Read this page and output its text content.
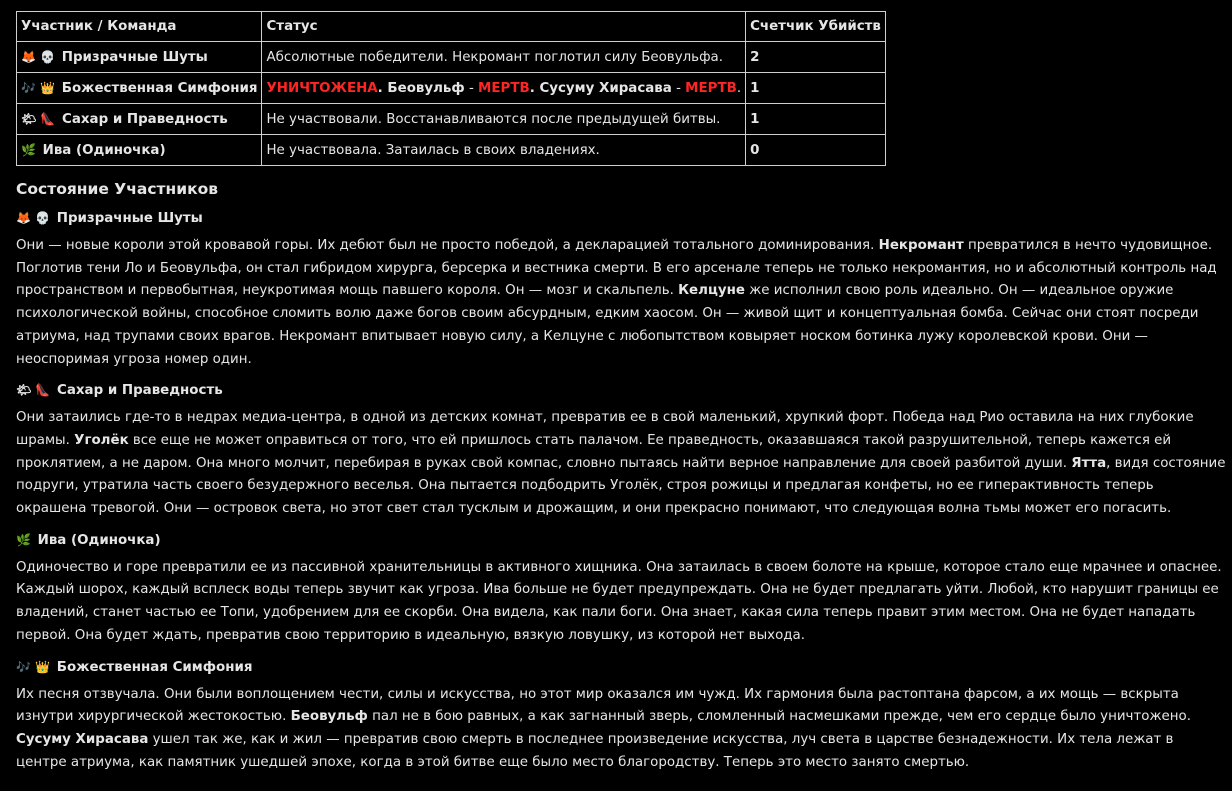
Участник / Команда	Статус	Счетчик Убийств
🦊 💀 Призрачные Шуты	Абсолютные победители. Некромант поглотил силу Беовульфа.	2
🎶 👑 Божественная Симфония	УНИЧТОЖЕНА. Беовульф - МЕРТВ. Сусуму Хирасава - МЕРТВ.	1
🌤 👠 Сахар и Праведность	Не участвовали. Восстанавливаются после предыдущей битвы.	1
🌿 Ива (Одиночка)	Не участвовала. Затаилась в своих владениях.	0
Состояние Участников
🦊 💀 Призрачные Шуты

Они — новые короли этой кровавой горы. Их дебют был не просто победой, а декларацией тотального доминирования. Некромант превратился в нечто чудовищное. Поглотив тени Ло и Беовульфа, он стал гибридом хирурга, берсерка и вестника смерти. В его арсенале теперь не только некромантия, но и абсолютный контроль над пространством и первобытная, неукротимая мощь павшего короля. Он — мозг и скальпель. Келцуне же исполнил свою роль идеально. Он — идеальное оружие психологической войны, способное сломить волю даже богов своим абсурдным, едким хаосом. Он — живой щит и концептуальная бомба. Сейчас они стоят посреди атриума, над трупами своих врагов. Некромант впитывает новую силу, а Келцуне с любопытством ковыряет носком ботинка лужу королевской крови. Они — неоспоримая угроза номер один.

🌤 👠 Сахар и Праведность

Они затаились где-то в недрах медиа-центра, в одной из детских комнат, превратив ее в свой маленький, хрупкий форт. Победа над Рио оставила на них глубокие шрамы. Уголёк все еще не может оправиться от того, что ей пришлось стать палачом. Ее праведность, оказавшаяся такой разрушительной, теперь кажется ей проклятием, а не даром. Она много молчит, перебирая в руках свой компас, словно пытаясь найти верное направление для своей разбитой души. Ятта, видя состояние подруги, утратила часть своего безудержного веселья. Она пытается подбодрить Уголёк, строя рожицы и предлагая конфеты, но ее гиперактивность теперь окрашена тревогой. Они — островок света, но этот свет стал тусклым и дрожащим, и они прекрасно понимают, что следующая волна тьмы может его погасить.

🌿 Ива (Одиночка)

Одиночество и горе превратили ее из пассивной хранительницы в активного хищника. Она затаилась в своем болоте на крыше, которое стало еще мрачнее и опаснее. Каждый шорох, каждый всплеск воды теперь звучит как угроза. Ива больше не будет предупреждать. Она не будет предлагать уйти. Любой, кто нарушит границы ее владений, станет частью ее Топи, удобрением для ее скорби. Она видела, как пали боги. Она знает, какая сила теперь правит этим местом. Она не будет нападать первой. Она будет ждать, превратив свою территорию в идеальную, вязкую ловушку, из которой нет выхода.

🎶 👑 Божественная Симфония

Их песня отзвучала. Они были воплощением чести, силы и искусства, но этот мир оказался им чужд. Их гармония была растоптана фарсом, а их мощь — вскрыта изнутри хирургической жестокостью. Беовульф пал не в бою равных, а как загнанный зверь, сломленный насмешками прежде, чем его сердце было уничтожено. Сусуму Хирасава ушел так же, как и жил — превратив свою смерть в последнее произведение искусства, луч света в царстве безнадежности. Их тела лежат в центре атриума, как памятник ушедшей эпохе, когда в этой битве еще было место благородству. Теперь это место занято смертью.
